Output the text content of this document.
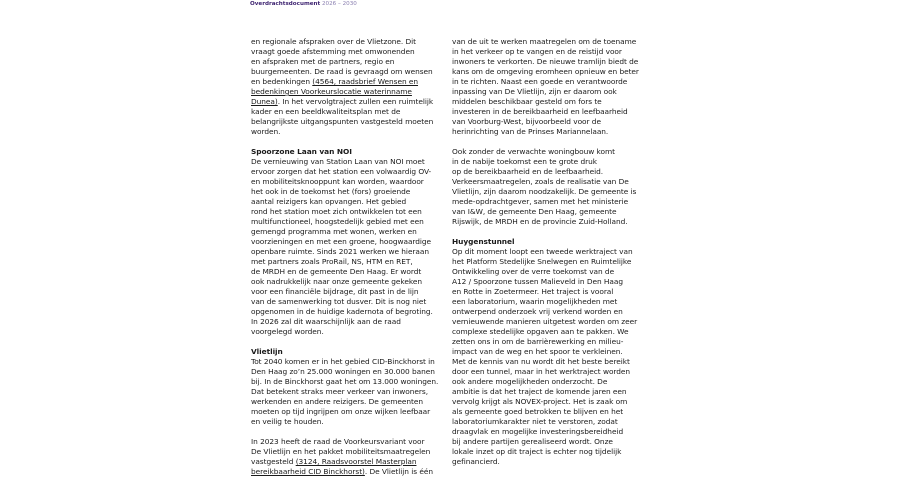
Overdrachtsdocument 2026 – 2030
en regionale afspraken over de Vlietzone. Dit
vraagt goede afstemming met omwonenden
en afspraken met de partners, regio en
buurgemeenten. De raad is gevraagd om wensen
en bedenkingen (4564, raadsbrief Wensen en
bedenkingen Voorkeurslocatie waterinname
Dunea). In het vervolgtraject zullen een ruimtelijk
kader en een beeldkwaliteitsplan met de
belangrijkste uitgangspunten vastgesteld moeten
worden.
Spoorzone Laan van NOI
De vernieuwing van Station Laan van NOI moet
ervoor zorgen dat het station een volwaardig OV-
en mobiliteitsknooppunt kan worden, waardoor
het ook in de toekomst het (fors) groeiende
aantal reizigers kan opvangen. Het gebied
rond het station moet zich ontwikkelen tot een
multifunctioneel, hoogstedelijk gebied met een
gemengd programma met wonen, werken en
voorzieningen en met een groene, hoogwaardige
openbare ruimte. Sinds 2021 werken we hieraan
met partners zoals ProRail, NS, HTM en RET,
de MRDH en de gemeente Den Haag. Er wordt
ook nadrukkelijk naar onze gemeente gekeken
voor een financiële bijdrage, dit past in de lijn
van de samenwerking tot dusver. Dit is nog niet
opgenomen in de huidige kadernota of begroting.
In 2026 zal dit waarschijnlijk aan de raad
voorgelegd worden.
Vlietlijn
Tot 2040 komen er in het gebied CID-Binckhorst in
Den Haag zo’n 25.000 woningen en 30.000 banen
bij. In de Binckhorst gaat het om 13.000 woningen.
Dat betekent straks meer verkeer van inwoners,
werkenden en andere reizigers. De gemeenten
moeten op tijd ingrijpen om onze wijken leefbaar
en veilig te houden.
In 2023 heeft de raad de Voorkeursvariant voor
De Vlietlijn en het pakket mobiliteitsmaatregelen
vastgesteld (3124, Raadsvoorstel Masterplan
bereikbaarheid CID Binckhorst). De Vlietlijn is één
van de uit te werken maatregelen om de toename
in het verkeer op te vangen en de reistijd voor
inwoners te verkorten. De nieuwe tramlijn biedt de
kans om de omgeving eromheen opnieuw en beter
in te richten. Naast een goede en verantwoorde
inpassing van De Vlietlijn, zijn er daarom ook
middelen beschikbaar gesteld om fors te
investeren in de bereikbaarheid en leefbaarheid
van Voorburg-West, bijvoorbeeld voor de
herinrichting van de Prinses Mariannelaan.
Ook zonder de verwachte woningbouw komt
in de nabije toekomst een te grote druk
op de bereikbaarheid en de leefbaarheid.
Verkeersmaatregelen, zoals de realisatie van De
Vlietlijn, zijn daarom noodzakelijk. De gemeente is
mede-opdrachtgever, samen met het ministerie
van I&W, de gemeente Den Haag, gemeente
Rijswijk, de MRDH en de provincie Zuid-Holland.
Huygenstunnel
Op dit moment loopt een tweede werktraject van
het Platform Stedelijke Snelwegen en Ruimtelijke
Ontwikkeling over de verre toekomst van de
A12 / Spoorzone tussen Malieveld in Den Haag
en Rotte in Zoetermeer. Het traject is vooral
een laboratorium, waarin mogelijkheden met
ontwerpend onderzoek vrij verkend worden en
vernieuwende manieren uitgetest worden om zeer
complexe stedelijke opgaven aan te pakken. We
zetten ons in om de barrièrewerking en milieu-
impact van de weg en het spoor te verkleinen.
Met de kennis van nu wordt dit het beste bereikt
door een tunnel, maar in het werktraject worden
ook andere mogelijkheden onderzocht. De
ambitie is dat het traject de komende jaren een
vervolg krijgt als NOVEX-project. Het is zaak om
als gemeente goed betrokken te blijven en het
laboratoriumkarakter niet te verstoren, zodat
draagvlak en mogelijke investeringsbereidheid
bij andere partijen gerealiseerd wordt. Onze
lokale inzet op dit traject is echter nog tijdelijk
gefinancierd.
